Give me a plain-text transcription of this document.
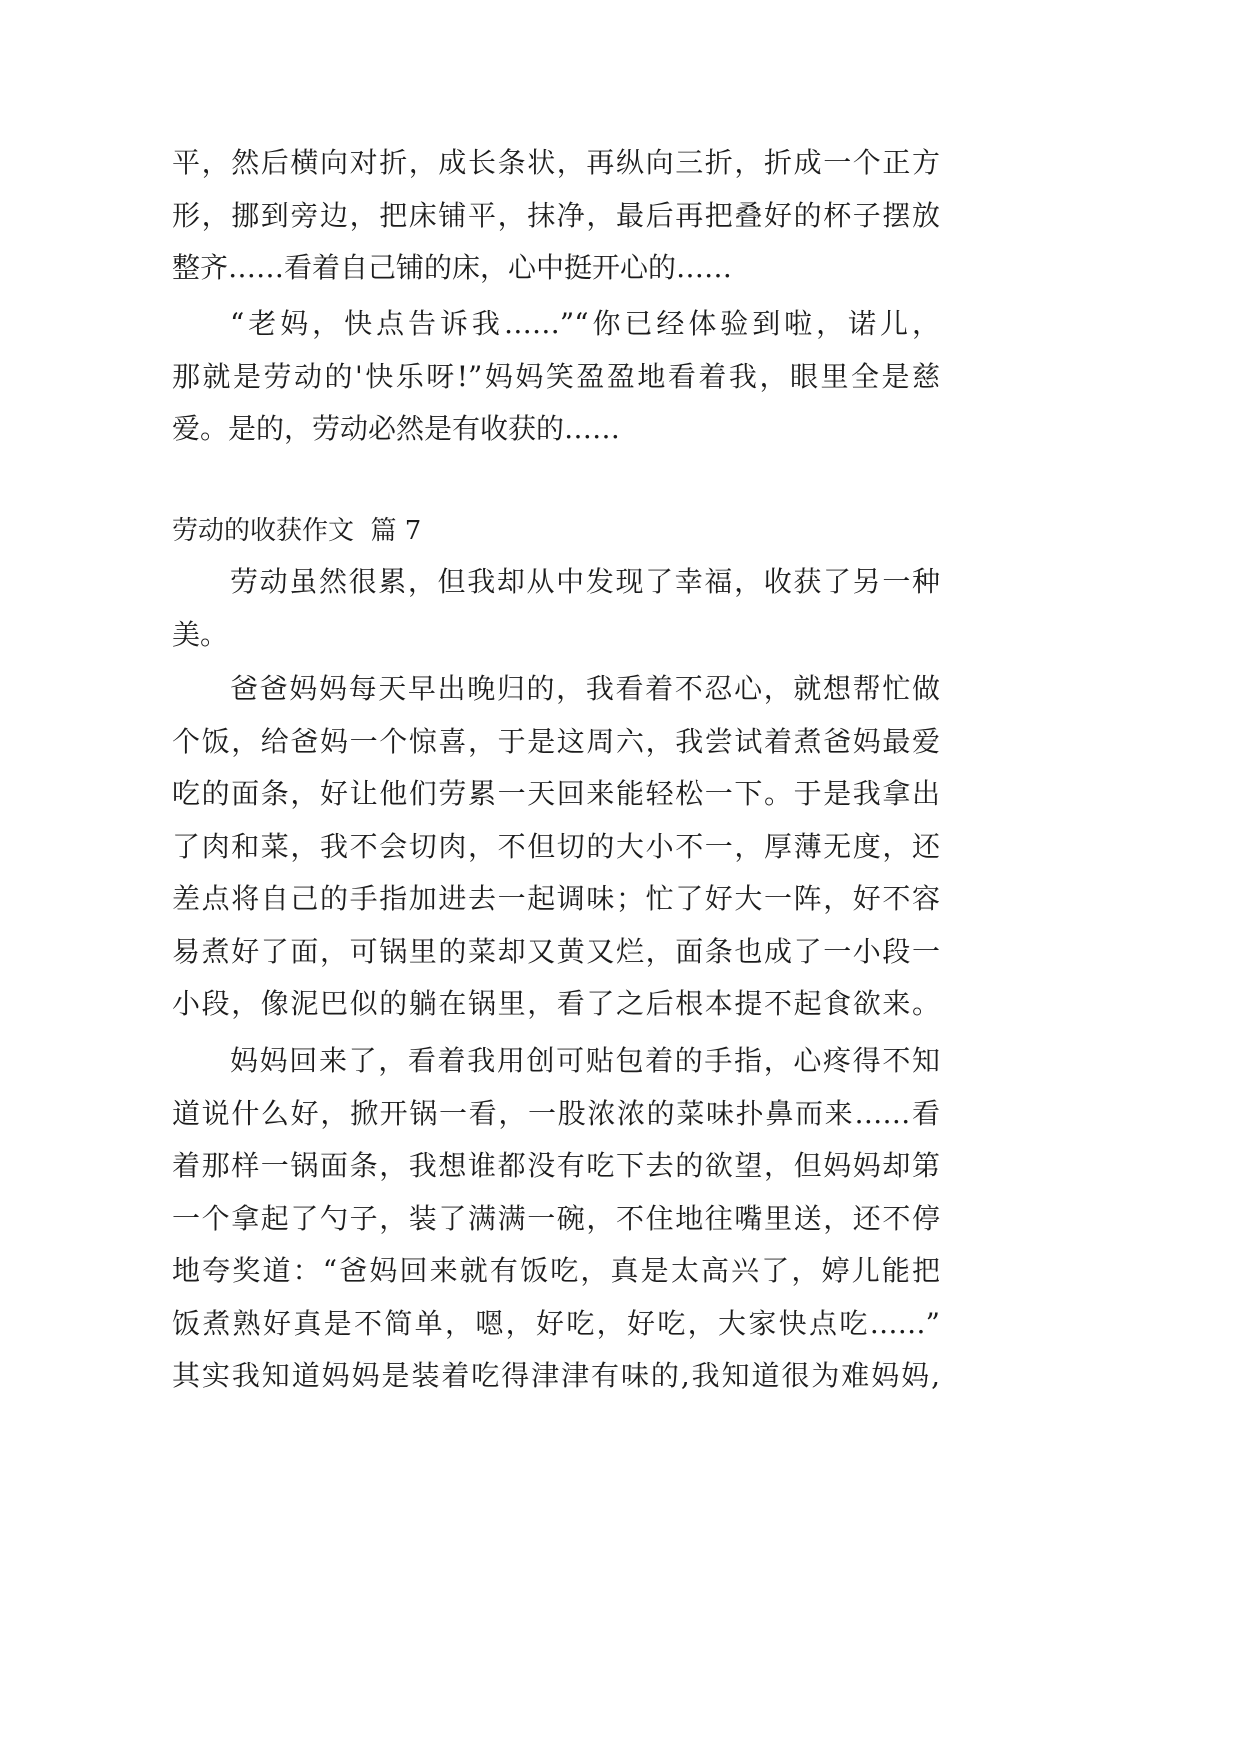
平，然后横向对折，成长条状，再纵向三折，折成一个正方
形，挪到旁边，把床铺平，抹净，最后再把叠好的杯子摆放
整齐……看着自己铺的床，心中挺开心的……
“老妈，快点告诉我……”“你已经体验到啦，诺儿，
那就是劳动的'快乐呀!”妈妈笑盈盈地看着我，眼里全是慈
爱。是的，劳动必然是有收获的……
劳动的收获作文  篇 7
劳动虽然很累，但我却从中发现了幸福，收获了另一种
美。
爸爸妈妈每天早出晚归的，我看着不忍心，就想帮忙做
个饭，给爸妈一个惊喜，于是这周六，我尝试着煮爸妈最爱
吃的面条，好让他们劳累一天回来能轻松一下。于是我拿出
了肉和菜，我不会切肉，不但切的大小不一，厚薄无度，还
差点将自己的手指加进去一起调味；忙了好大一阵，好不容
易煮好了面，可锅里的菜却又黄又烂，面条也成了一小段一
小段，像泥巴似的躺在锅里，看了之后根本提不起食欲来。
妈妈回来了，看着我用创可贴包着的手指，心疼得不知
道说什么好，掀开锅一看，一股浓浓的菜味扑鼻而来……看
着那样一锅面条，我想谁都没有吃下去的欲望，但妈妈却第
一个拿起了勺子，装了满满一碗，不住地往嘴里送，还不停
地夸奖道：“爸妈回来就有饭吃，真是太高兴了，婷儿能把
饭煮熟好真是不简单，嗯，好吃，好吃，大家快点吃……”
其实我知道妈妈是装着吃得津津有味的,我知道很为难妈妈,
